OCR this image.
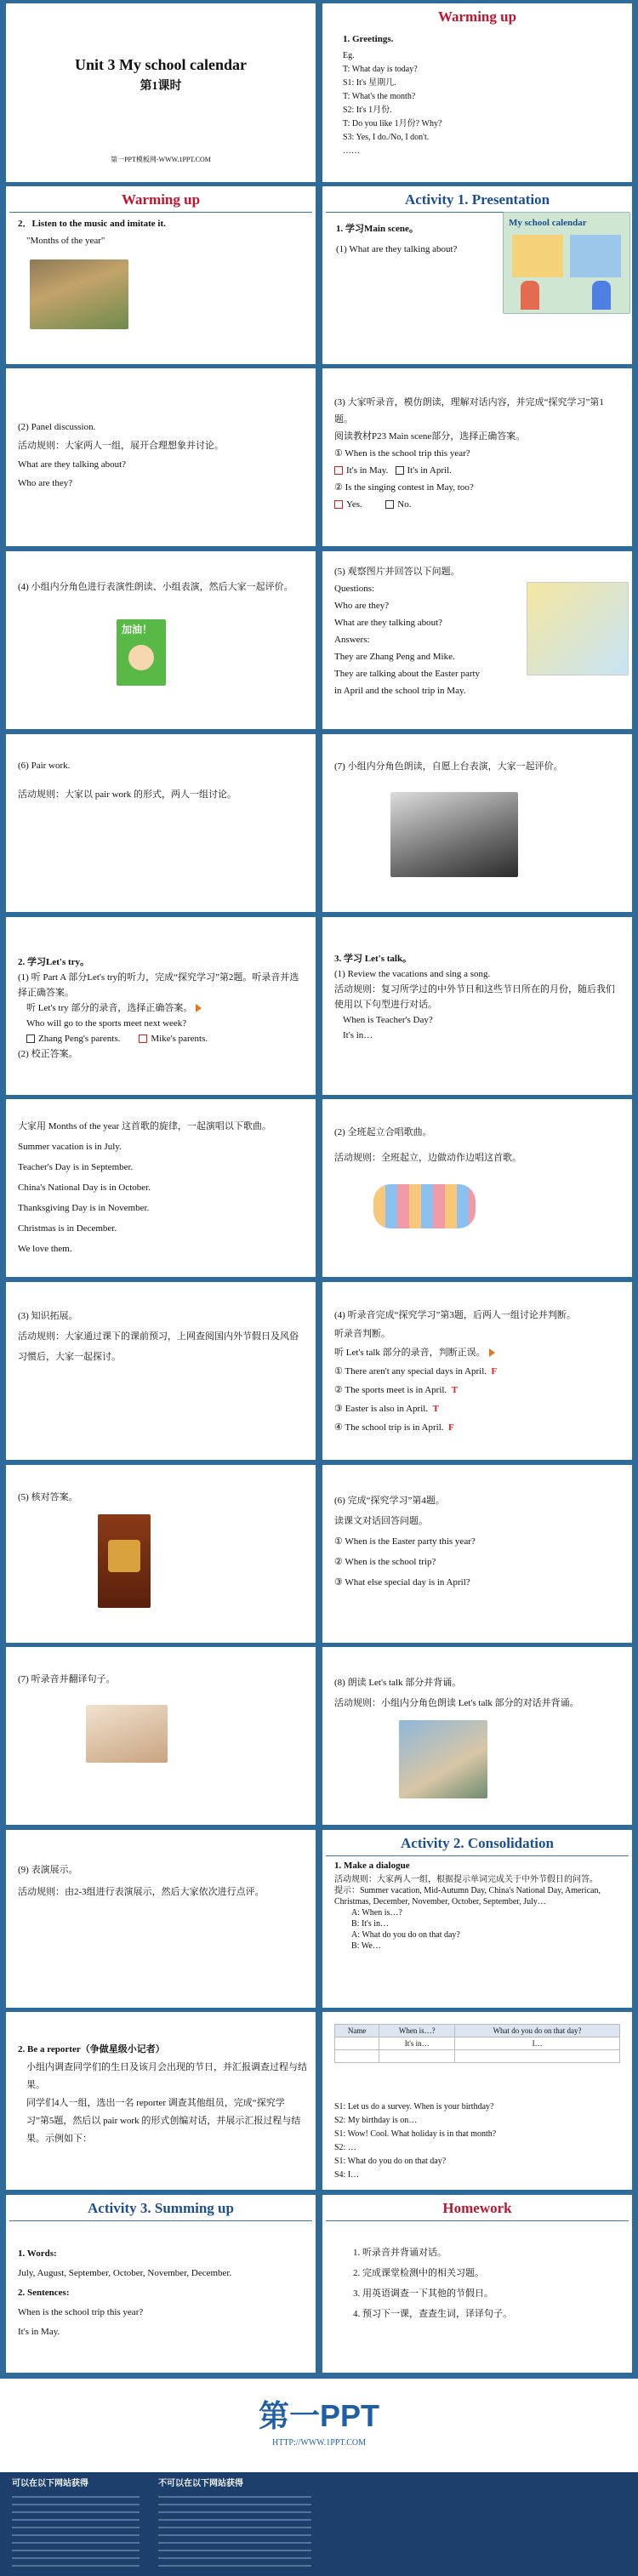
Unit 3 My school calendar
第1课时
第一PPT模板网-WWW.1PPT.COM
Warming up
1. Greetings.
Eg.
T: What day is today?
S1: It's 星期几.
T: What's the month?
S2: It's 1月份.
T: Do you like 1月份? Why?
S3: Yes, I do./No, I don't.
……
Warming up
2．Listen to the music and imitate it.
"Months of the year"
Activity 1. Presentation
1. 学习Main scene。
(1) What are they talking about?
My school calendar
(2) Panel discussion.
活动规则：大家两人一组，展开合理想象并讨论。
What are they talking about?
Who are they?
(3) 大家听录音，模仿朗读，理解对话内容，并完成“探究学习”第1题。
阅读教材P23 Main scene部分，选择正确答案。
① When is the school trip this year?
It's in May. It's in April.
② Is the singing contest in May, too?
Yes.	No.
(4) 小组内分角色进行表演性朗读、小组表演，然后大家一起评价。
加油！
(5) 观察图片并回答以下问题。
Questions:
Who are they?
What are they talking about?
Answers:
They are Zhang Peng and Mike.
They are talking about the Easter party
in April and the school trip in May.
(6) Pair work.
活动规则：大家以 pair work 的形式，两人一组讨论。
(7) 小组内分角色朗读，自愿上台表演，大家一起评价。
2. 学习Let's try。
(1) 听 Part A 部分Let's try的听力，完成“探究学习”第2题。听录音并选择正确答案。
听 Let's try 部分的录音，选择正确答案。
Who will go to the sports meet next week?
Zhang Peng's parents.	Mike's parents.
(2) 校正答案。
3. 学习 Let's talk。
(1) Review the vacations and sing a song.
活动规则：复习所学过的中外节日和这些节日所在的月份，随后我们使用以下句型进行对话。
When is Teacher's Day?
It's in…
大家用 Months of the year 这首歌的旋律，一起演唱以下歌曲。
Summer vacation is in July.
Teacher's Day is in September.
China's National Day is in October.
Thanksgiving Day is in November.
Christmas is in December.
We love them.
(2) 全班起立合唱歌曲。
活动规则：全班起立，边做动作边唱这首歌。
(3) 知识拓展。
活动规则：大家通过课下的课前预习，上网查阅国内外节假日及风俗习惯后，大家一起探讨。
(4) 听录音完成“探究学习”第3题，后两人一组讨论并判断。
听录音判断。
听 Let's talk 部分的录音，判断正误。
① There aren't any special days in April. F
② The sports meet is in April. T
③ Easter is also in April. T
④ The school trip is in April. F
(5) 核对答案。	(6) 完成“探究学习”第4题。
读课文对话回答问题。
① When is the Easter party this year?
② When is the school trip?
③ What else special day is in April?
(7) 听录音并翻译句子。	(8) 朗读 Let's talk 部分并背诵。
活动规则：小组内分角色朗读 Let's talk 部分的对话并背诵。
(9) 表演展示。
活动规则：由2-3组进行表演展示，然后大家依次进行点评。
Activity 2. Consolidation
1. Make a dialogue
活动规则：大家两人一组，根据提示单词完成关于中外节假日的问答。
提示：Summer vacation, Mid-Autumn Day, China's National Day, American, Christmas, December, November, October, September, July…
A: When is…?
B: It's in…
A: What do you do on that day?
B: We…
2. Be a reporter（争做星级小记者）
小组内调查同学们的生日及该月会出现的节日，并汇报调查过程与结果。
同学们4人一组，选出一名 reporter 调查其他组员，完成“探究学习”第5题，然后以 pair work 的形式创编对话，并展示汇报过程与结果。示例如下：
Name	When is…?	What do you do on that day?
	It's in…	I…

S1: Let us do a survey. When is your birthday?
S2: My birthday is on…
S1: Wow! Cool. What holiday is in that month?
S2: …
S1: What do you do on that day?
S4: I…
Activity 3. Summing up
1. Words:
July, August, September, October, November, December.
2. Sentences:
When is the school trip this year?
It's in May.
Homework
1. 听录音并背诵对话。
2. 完成课堂检测中的相关习题。
3. 用英语调查一下其他的节假日。
4. 预习下一课，查查生词，译译句子。
第一PPT
HTTP://WWW.1PPT.COM
可以在以下网站获得	不可以在以下网站获得
